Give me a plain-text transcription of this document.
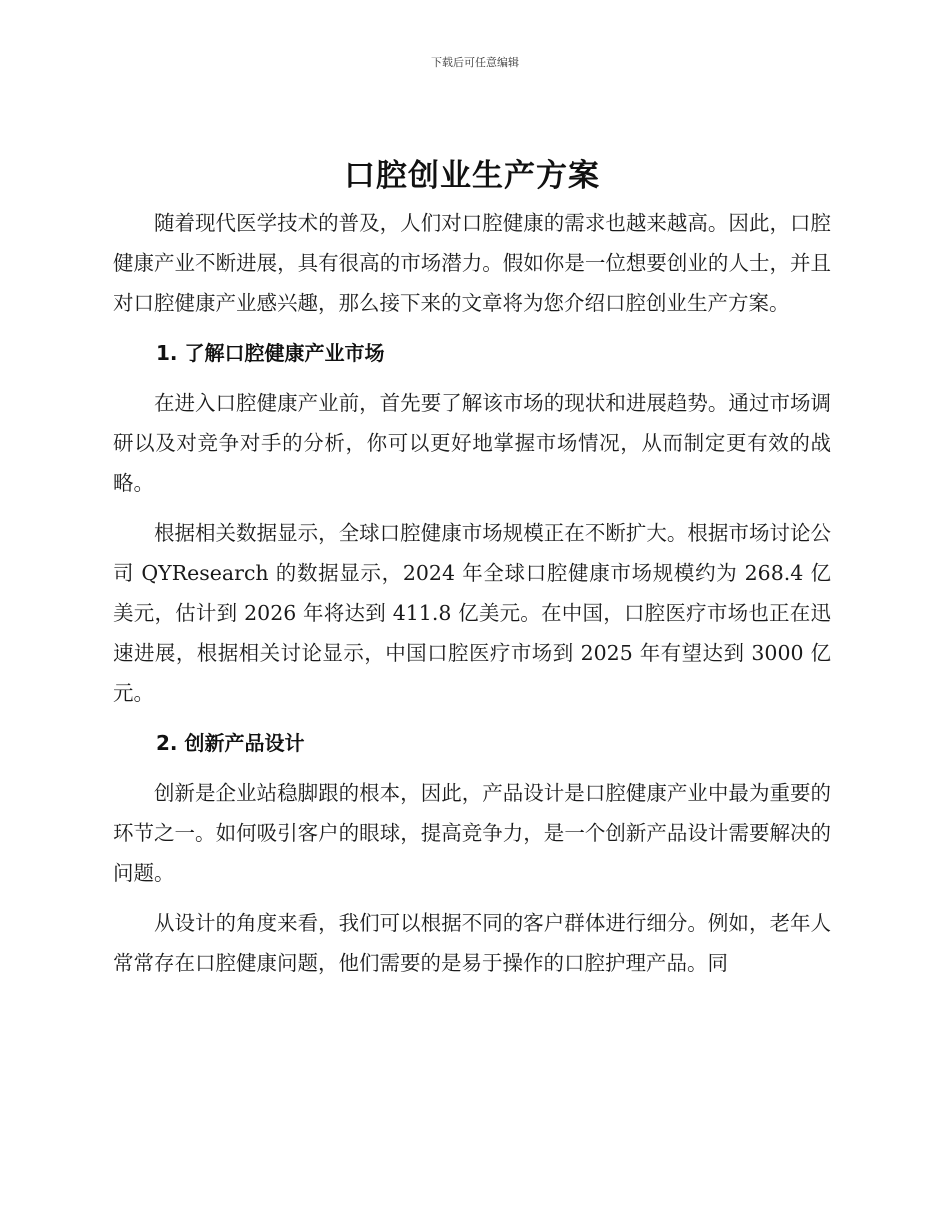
下载后可任意编辑
口腔创业生产方案

随着现代医学技术的普及，人们对口腔健康的需求也越来越高。因此，口腔健康产业不断进展，具有很高的市场潜力。假如你是一位想要创业的人士，并且对口腔健康产业感兴趣，那么接下来的文章将为您介绍口腔创业生产方案。

1. 了解口腔健康产业市场

在进入口腔健康产业前，首先要了解该市场的现状和进展趋势。通过市场调研以及对竞争对手的分析，你可以更好地掌握市场情况，从而制定更有效的战略。

根据相关数据显示，全球口腔健康市场规模正在不断扩大。根据市场讨论公司 QYResearch 的数据显示，2024 年全球口腔健康市场规模约为 268.4 亿美元，估计到 2026 年将达到 411.8 亿美元。在中国，口腔医疗市场也正在迅速进展，根据相关讨论显示，中国口腔医疗市场到 2025 年有望达到 3000 亿元。

2. 创新产品设计

创新是企业站稳脚跟的根本，因此，产品设计是口腔健康产业中最为重要的环节之一。如何吸引客户的眼球，提高竞争力，是一个创新产品设计需要解决的问题。

从设计的角度来看，我们可以根据不同的客户群体进行细分。例如，老年人常常存在口腔健康问题，他们需要的是易于操作的口腔护理产品。同
